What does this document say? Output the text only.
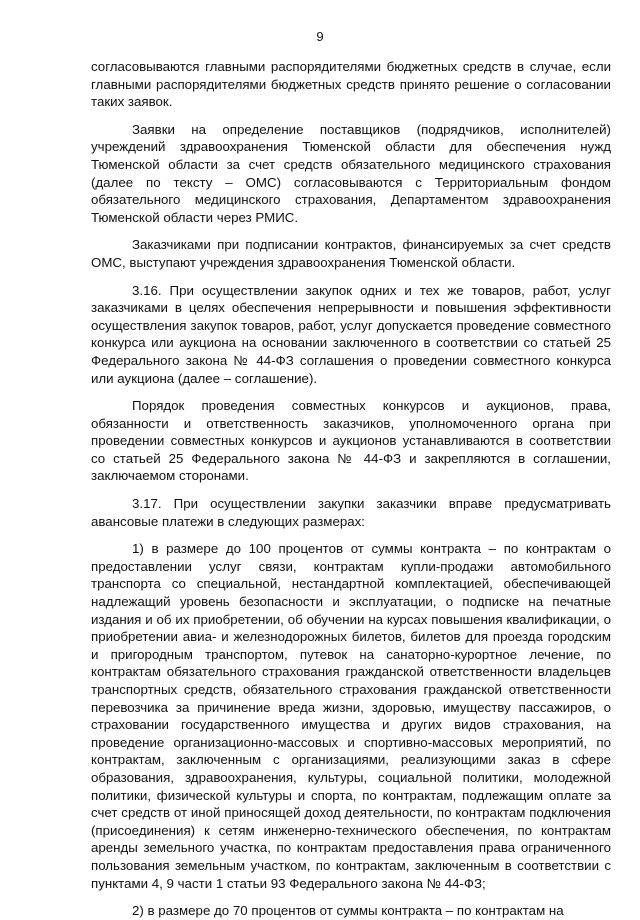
9

согласовываются главными распорядителями бюджетных средств в случае, если главными распорядителями бюджетных средств принято решение о согласовании таких заявок.

Заявки на определение поставщиков (подрядчиков, исполнителей) учреждений здравоохранения Тюменской области для обеспечения нужд Тюменской области за счет средств обязательного медицинского страхования (далее по тексту – ОМС) согласовываются с Территориальным фондом обязательного медицинского страхования, Департаментом здравоохранения Тюменской области через РМИС.

Заказчиками при подписании контрактов, финансируемых за счет средств ОМС, выступают учреждения здравоохранения Тюменской области.

3.16. При осуществлении закупок одних и тех же товаров, работ, услуг заказчиками в целях обеспечения непрерывности и повышения эффективности осуществления закупок товаров, работ, услуг допускается проведение совместного конкурса или аукциона на основании заключенного в соответствии со статьей 25 Федерального закона № 44-ФЗ соглашения о проведении совместного конкурса или аукциона (далее – соглашение).

Порядок проведения совместных конкурсов и аукционов, права, обязанности и ответственность заказчиков, уполномоченного органа при проведении совместных конкурсов и аукционов устанавливаются в соответствии со статьей 25 Федерального закона № 44-ФЗ и закрепляются в соглашении, заключаемом сторонами.

3.17. При осуществлении закупки заказчики вправе предусматривать авансовые платежи в следующих размерах:

1) в размере до 100 процентов от суммы контракта – по контрактам о предоставлении услуг связи, контрактам купли-продажи автомобильного транспорта со специальной, нестандартной комплектацией, обеспечивающей надлежащий уровень безопасности и эксплуатации, о подписке на печатные издания и об их приобретении, об обучении на курсах повышения квалификации, о приобретении авиа- и железнодорожных билетов, билетов для проезда городским и пригородным транспортом, путевок на санаторно-курортное лечение, по контрактам обязательного страхования гражданской ответственности владельцев транспортных средств, обязательного страхования гражданской ответственности перевозчика за причинение вреда жизни, здоровью, имуществу пассажиров, о страховании государственного имущества и других видов страхования, на проведение организационно-массовых и спортивно-массовых мероприятий, по контрактам, заключенным с организациями, реализующими заказ в сфере образования, здравоохранения, культуры, социальной политики, молодежной политики, физической культуры и спорта, по контрактам, подлежащим оплате за счет средств от иной приносящей доход деятельности, по контрактам подключения (присоединения) к сетям инженерно-технического обеспечения, по контрактам аренды земельного участка, по контрактам предоставления права ограниченного пользования земельным участком, по контрактам, заключенным в соответствии с пунктами 4, 9 части 1 статьи 93 Федерального закона № 44-ФЗ;

2) в размере до 70 процентов от суммы контракта – по контрактам на
